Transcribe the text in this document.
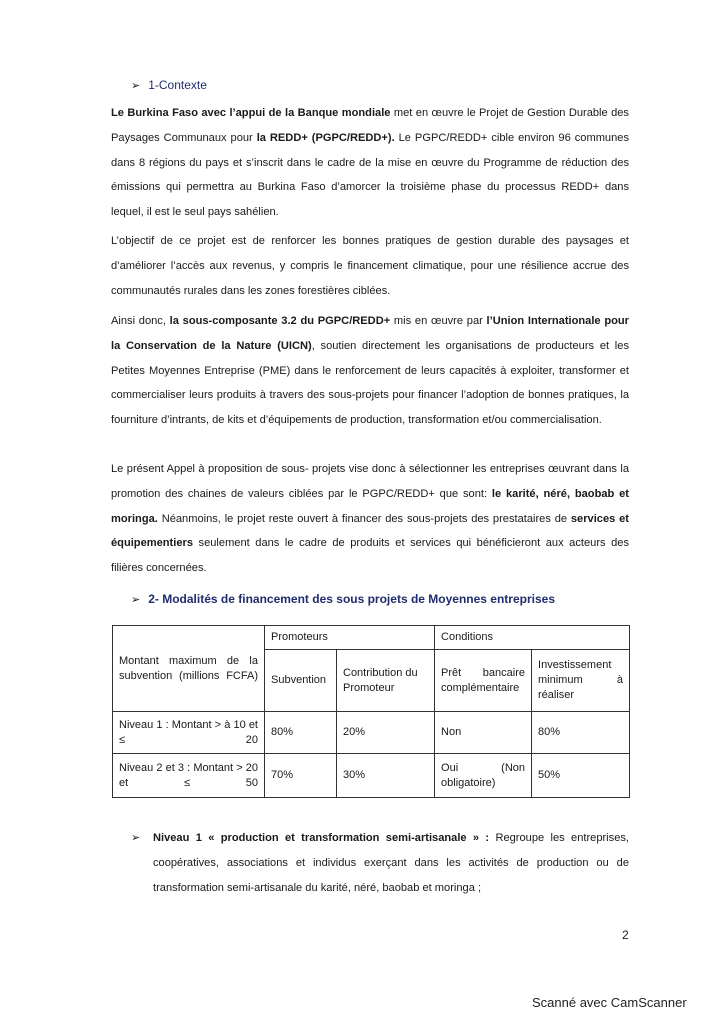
➢ 1-Contexte
Le Burkina Faso avec l’appui de la Banque mondiale met en œuvre le Projet de Gestion Durable des Paysages Communaux pour la REDD+ (PGPC/REDD+). Le PGPC/REDD+ cible environ 96 communes dans 8 régions du pays et s’inscrit dans le cadre de la mise en œuvre du Programme de réduction des émissions qui permettra au Burkina Faso d’amorcer la troisième phase du processus REDD+ dans lequel, il est le seul pays sahélien.
L’objectif de ce projet est de renforcer les bonnes pratiques de gestion durable des paysages et d’améliorer l’accès aux revenus, y compris le financement climatique, pour une résilience accrue des communautés rurales dans les zones forestières ciblées.
Ainsi donc, la sous-composante 3.2 du PGPC/REDD+ mis en œuvre par l’Union Internationale pour la Conservation de la Nature (UICN), soutien directement les organisations de producteurs et les Petites Moyennes Entreprise (PME) dans le renforcement de leurs capacités à exploiter, transformer et commercialiser leurs produits à travers des sous-projets pour financer l’adoption de bonnes pratiques, la fourniture d’intrants, de kits et d’équipements de production, transformation et/ou commercialisation.
Le présent Appel à proposition de sous- projets vise donc à sélectionner les entreprises œuvrant dans la promotion des chaines de valeurs ciblées par le PGPC/REDD+ que sont: le karité, néré, baobab et moringa. Néanmoins, le projet reste ouvert à financer des sous-projets des prestataires de services et équipementiers seulement dans le cadre de produits et services qui bénéficieront aux acteurs des filières concernées.
➢ 2- Modalités de financement des sous projets de Moyennes entreprises
Montant maximum de la subvention (millions FCFA)	Promoteurs		Conditions	
	Subvention	Contribution du Promoteur	Prêt bancaire complémentaire	Investissement minimum à réaliser
Niveau 1 : Montant > à 10 et ≤ 20	80%	20%	Non	80%
Niveau 2 et 3 : Montant > 20 et ≤ 50	70%	30%	Oui (Non obligatoire)	50%
➢ Niveau 1 « production et transformation semi-artisanale » : Regroupe les entreprises, coopératives, associations et individus exerçant dans les activités de production ou de transformation semi-artisanale du karité, néré, baobab et moringa ;
2
Scanné avec CamScanner
